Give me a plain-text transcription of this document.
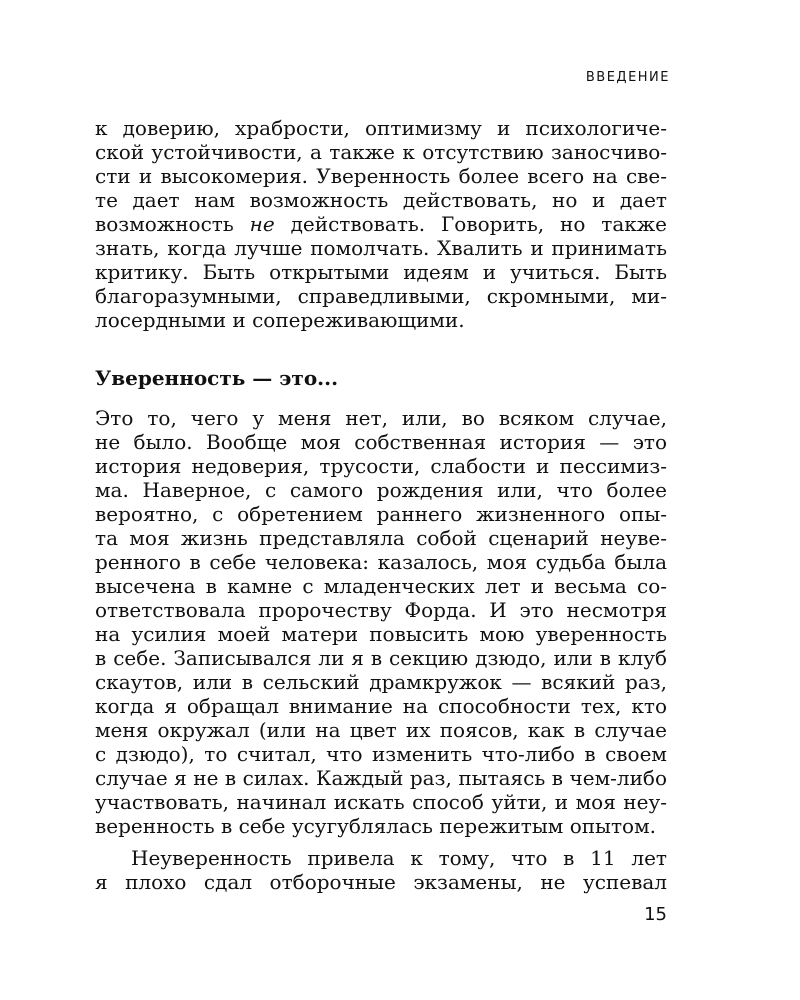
ВВЕДЕНИЕ
к доверию, храбрости, оптимизму и психологиче-
ской устойчивости, а также к отсутствию заносчиво-
сти и высокомерия. Уверенность более всего на све-
те дает нам возможность действовать, но и дает
возможность не действовать. Говорить, но также
знать, когда лучше помолчать. Хвалить и принимать
критику. Быть открытыми идеям и учиться. Быть
благоразумными, справедливыми, скромными, ми-
лосердными и сопереживающими.
Уверенность — это...
Это то, чего у меня нет, или, во всяком случае,
не было. Вообще моя собственная история — это
история недоверия, трусости, слабости и пессимиз-
ма. Наверное, с самого рождения или, что более
вероятно, с обретением раннего жизненного опы-
та моя жизнь представляла собой сценарий неуве-
ренного в себе человека: казалось, моя судьба была
высечена в камне с младенческих лет и весьма со-
ответствовала пророчеству Форда. И это несмотря
на усилия моей матери повысить мою уверенность
в себе. Записывался ли я в секцию дзюдо, или в клуб
скаутов, или в сельский драмкружок — всякий раз,
когда я обращал внимание на способности тех, кто
меня окружал (или на цвет их поясов, как в случае
с дзюдо), то считал, что изменить что-либо в своем
случае я не в силах. Каждый раз, пытаясь в чем-либо
участвовать, начинал искать способ уйти, и моя неу-
веренность в себе усугублялась пережитым опытом.
Неуверенность привела к тому, что в 11 лет
я плохо сдал отборочные экзамены, не успевал
15
